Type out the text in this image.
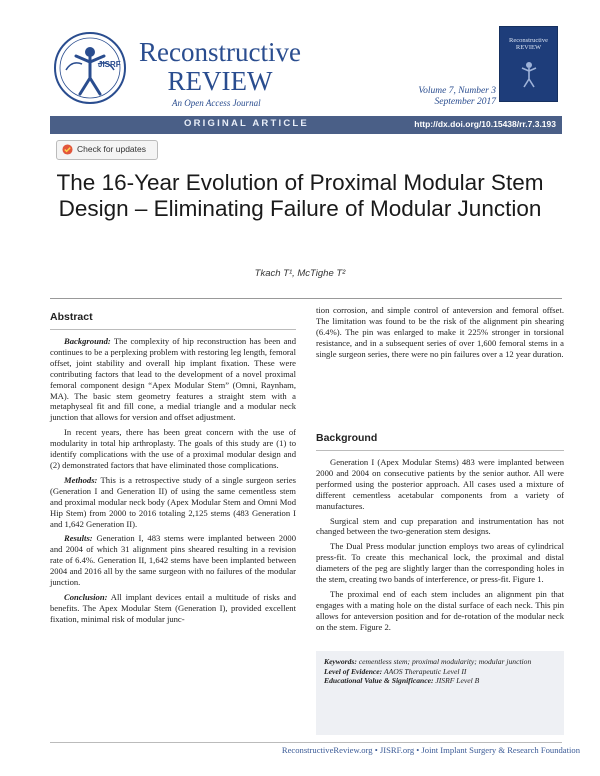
JISRF Reconstructive
REVIEW
An Open Access Journal
Volume 7, Number 3
September 2017
Reconstructive REVIEW
ORIGINAL ARTICLE	http://dx.doi.org/10.15438/rr.7.3.193
Check for updates
The 16-Year Evolution of Proximal Modular Stem Design – Eliminating Failure of Modular Junction
Tkach T¹, McTighe T²
Abstract

Background: The complexity of hip reconstruction has been and continues to be a perplexing problem with restoring leg length, femoral offset, joint stability and overall hip implant fixation. These were contributing factors that lead to the development of a novel proximal femoral component design “Apex Modular Stem” (Omni, Raynham, MA). The basic stem geometry features a straight stem with a metaphyseal fit and fill cone, a medial triangle and a modular neck junction that allows for version and offset adjustment.

In recent years, there has been great concern with the use of modularity in total hip arthroplasty. The goals of this study are (1) to identify complications with the use of a proximal modular design and (2) demonstrated factors that have eliminated those complications.

Methods: This is a retrospective study of a single surgeon series (Generation I and Generation II) of using the same cementless stem and proximal modular neck body (Apex Modular Stem and Omni Mod Hip Stem) from 2000 to 2016 totaling 2,125 stems (483 Generation I and 1,642 Generation II).

Results: Generation I, 483 stems were implanted between 2000 and 2004 of which 31 alignment pins sheared resulting in a revision rate of 6.4%. Generation II, 1,642 stems have been implanted between 2004 and 2016 all by the same surgeon with no failures of the modular junction.

Conclusion: All implant devices entail a multitude of risks and benefits. The Apex Modular Stem (Generation I), provided excellent fixation, minimal risk of modular junc-

tion corrosion, and simple control of anteversion and femoral offset. The limitation was found to be the risk of the alignment pin shearing (6.4%). The pin was enlarged to make it 225% stronger in torsional resistance, and in a subsequent series of over 1,600 femoral stems in a single surgeon series, there were no pin failures over a 12 year duration.

Background

Generation I (Apex Modular Stems) 483 were implanted between 2000 and 2004 on consecutive patients by the senior author. All were performed using the posterior approach. All cases used a mixture of different cementless acetabular components from a variety of manufactures.

Surgical stem and cup preparation and instrumentation has not changed between the two-generation stem designs.

The Dual Press modular junction employs two areas of cylindrical press-fit. To create this mechanical lock, the proximal and distal diameters of the peg are slightly larger than the corresponding holes in the stem, creating two bands of interference, or press-fit. Figure 1.

The proximal end of each stem includes an alignment pin that engages with a mating hole on the distal surface of each neck. This pin allows for anteversion position and for de-rotation of the modular neck on the stem. Figure 2.

Keywords: cementless stem; proximal modularity; modular junction
Level of Evidence: AAOS Therapeutic Level II
Educational Value & Significance: JISRF Level B
ReconstructiveReview.org • JISRF.org • Joint Implant Surgery & Research Foundation
